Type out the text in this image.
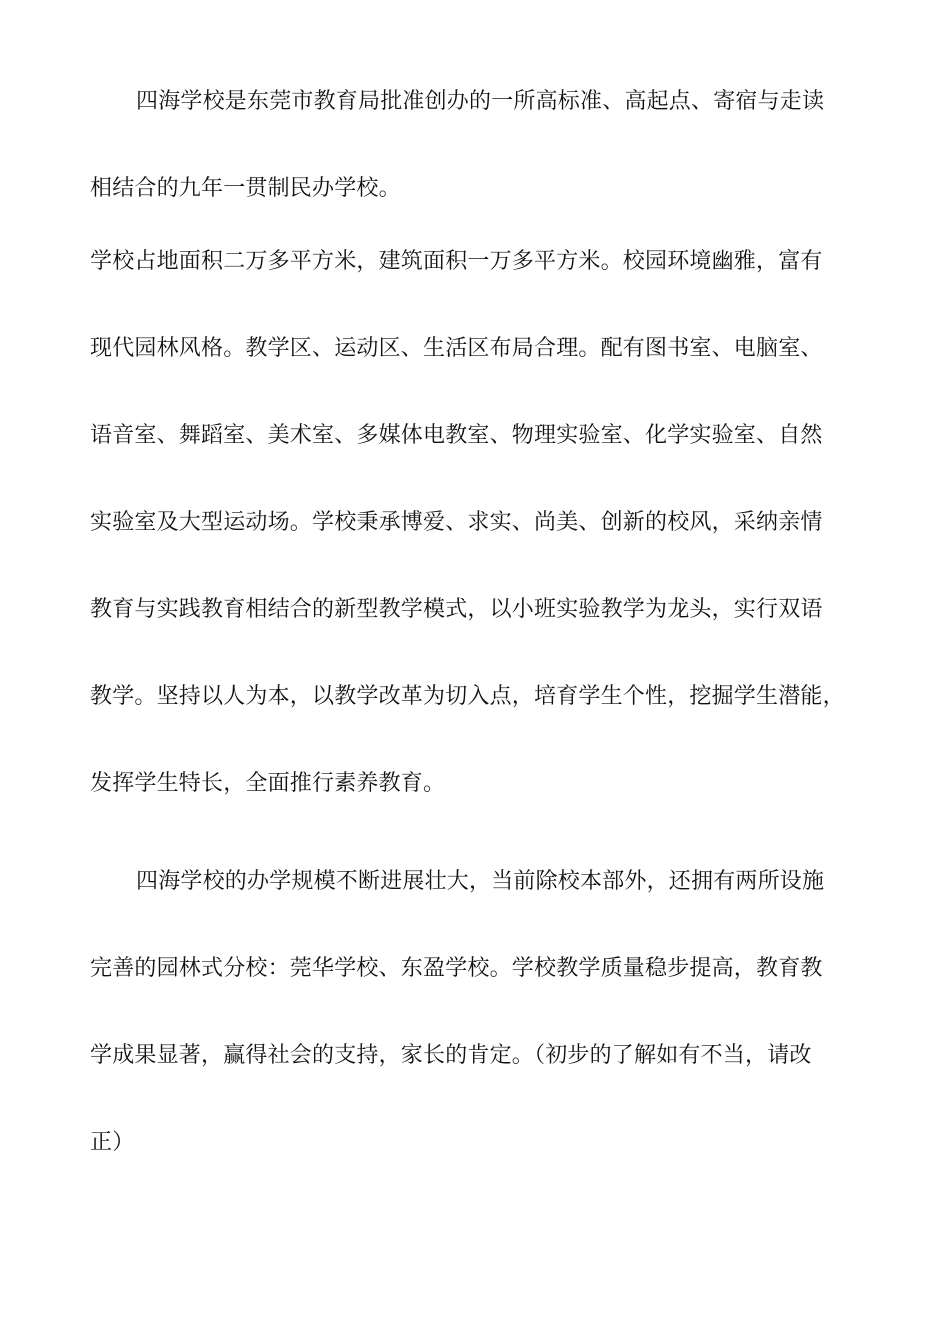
四海学校是东莞市教育局批准创办的一所高标准、高起点、寄宿与走读
相结合的九年一贯制民办学校。
学校占地面积二万多平方米，建筑面积一万多平方米。校园环境幽雅，富有
现代园林风格。教学区、运动区、生活区布局合理。配有图书室、电脑室、
语音室、舞蹈室、美术室、多媒体电教室、物理实验室、化学实验室、自然
实验室及大型运动场。学校秉承博爱、求实、尚美、创新的校风，采纳亲情
教育与实践教育相结合的新型教学模式，以小班实验教学为龙头，实行双语
教学。坚持以人为本，以教学改革为切入点，培育学生个性，挖掘学生潜能，
发挥学生特长，全面推行素养教育。
四海学校的办学规模不断进展壮大，当前除校本部外，还拥有两所设施
完善的园林式分校：莞华学校、东盈学校。学校教学质量稳步提高，教育教
学成果显著，赢得社会的支持，家长的肯定。（初步的了解如有不当，请改
正）
